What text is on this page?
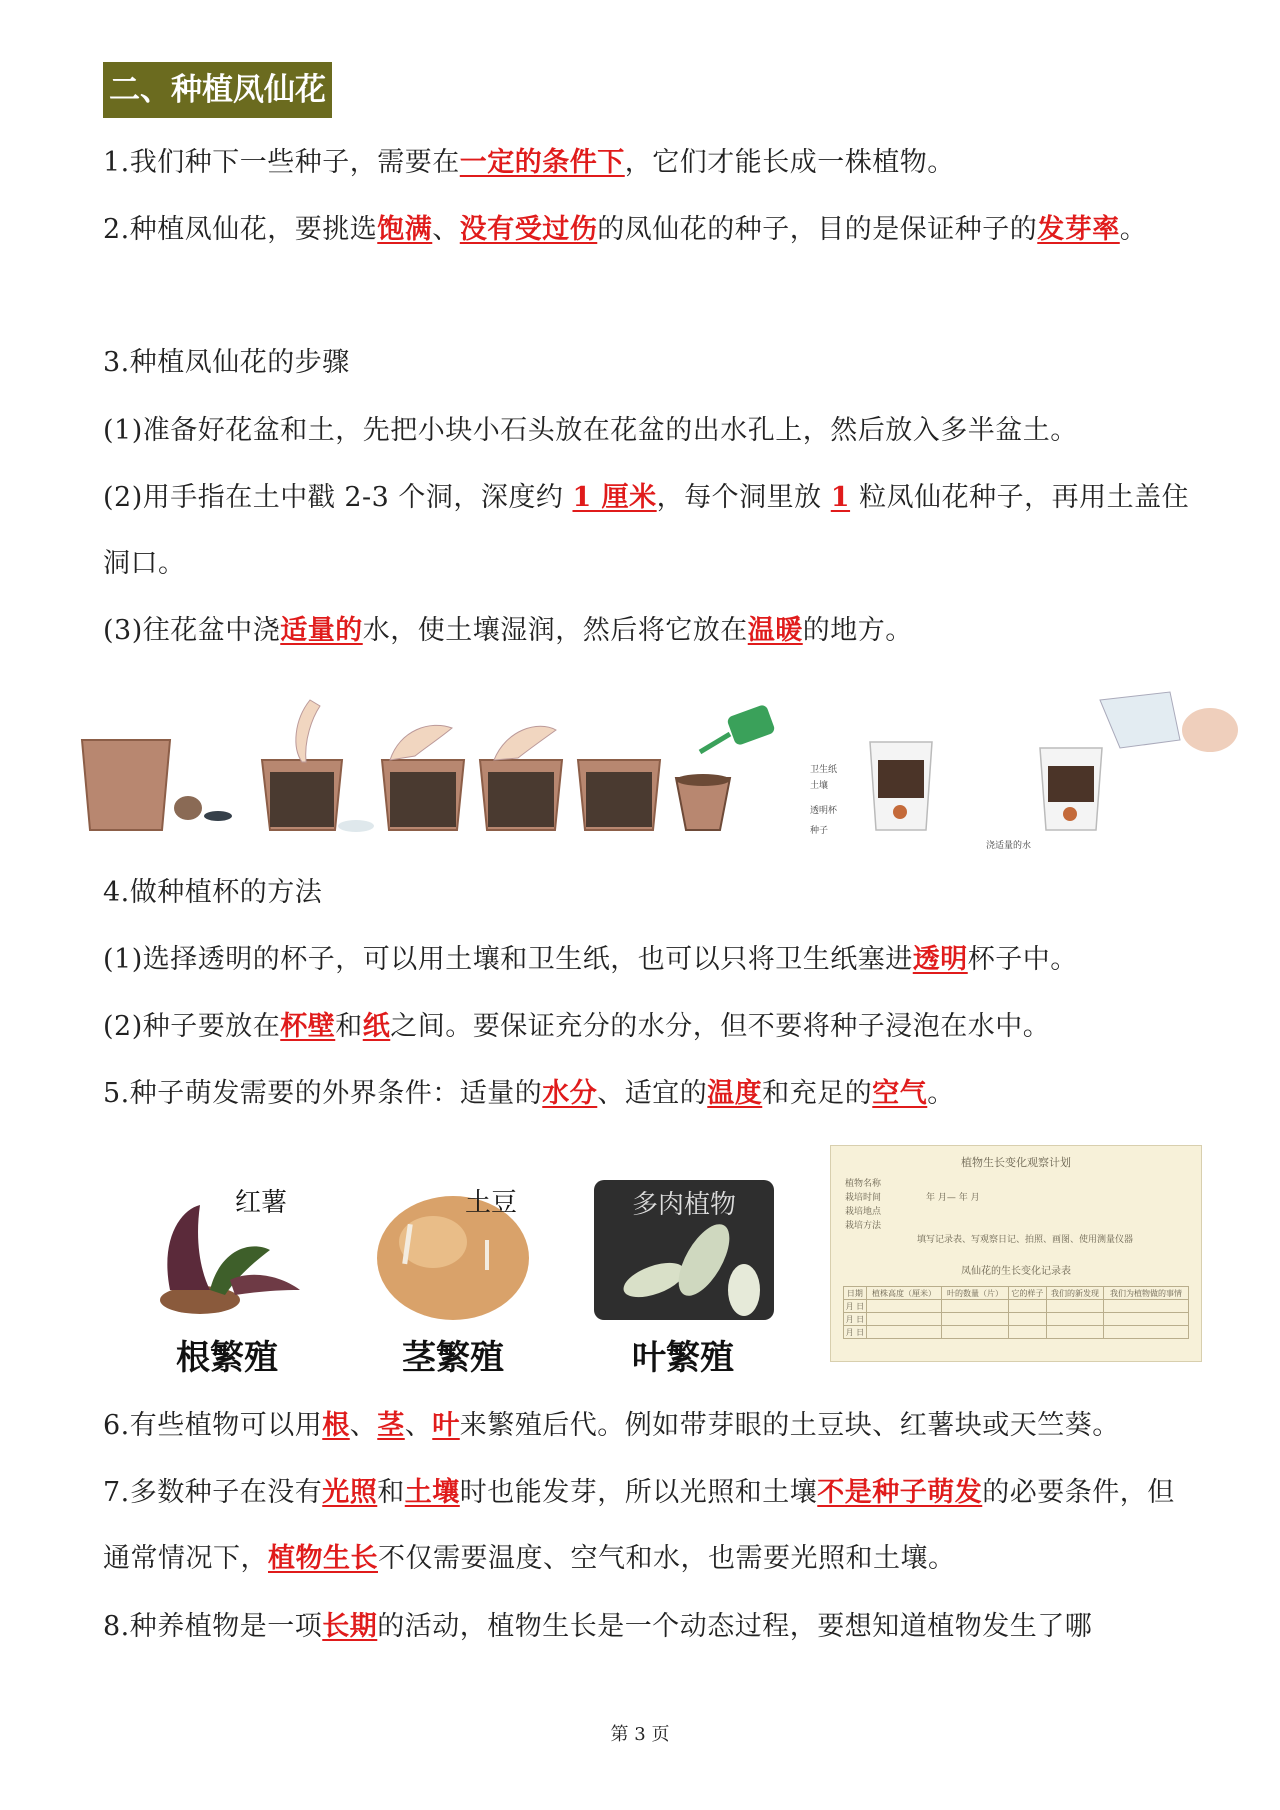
二、种植凤仙花
1.我们种下一些种子，需要在一定的条件下，它们才能长成一株植物。
2.种植凤仙花，要挑选饱满、没有受过伤的凤仙花的种子，目的是保证种子的发芽率。
3.种植凤仙花的步骤
(1)准备好花盆和土，先把小块小石头放在花盆的出水孔上，然后放入多半盆土。
(2)用手指在土中戳 2-3 个洞，深度约 1 厘米，每个洞里放 1 粒凤仙花种子，再用土盖住洞口。
(3)往花盆中浇适量的水，使土壤湿润，然后将它放在温暖的地方。
卫生纸
土壤
透明杯
种子
浇适量的水
4.做种植杯的方法
(1)选择透明的杯子，可以用土壤和卫生纸，也可以只将卫生纸塞进透明杯子中。
(2)种子要放在杯壁和纸之间。要保证充分的水分，但不要将种子浸泡在水中。
5.种子萌发需要的外界条件：适量的水分、适宜的温度和充足的空气。
红薯
根繁殖
土豆
茎繁殖
多肉植物
叶繁殖
植物生长变化观察计划
植物名称
栽培时间	年 月— 年 月
栽培地点
栽培方法
填写记录表、写观察日记、拍照、画图、使用测量仪器
凤仙花的生长变化记录表
日期	植株高度（厘米）	叶的数量（片）	它的样子	我们的新发现	我们为植物做的事情
月 日					
月 日					
月 日					
6.有些植物可以用根、茎、叶来繁殖后代。例如带芽眼的土豆块、红薯块或天竺葵。
7.多数种子在没有光照和土壤时也能发芽，所以光照和土壤不是种子萌发的必要条件，但通常情况下，植物生长不仅需要温度、空气和水，也需要光照和土壤。
8.种养植物是一项长期的活动，植物生长是一个动态过程，要想知道植物发生了哪
第 3 页
